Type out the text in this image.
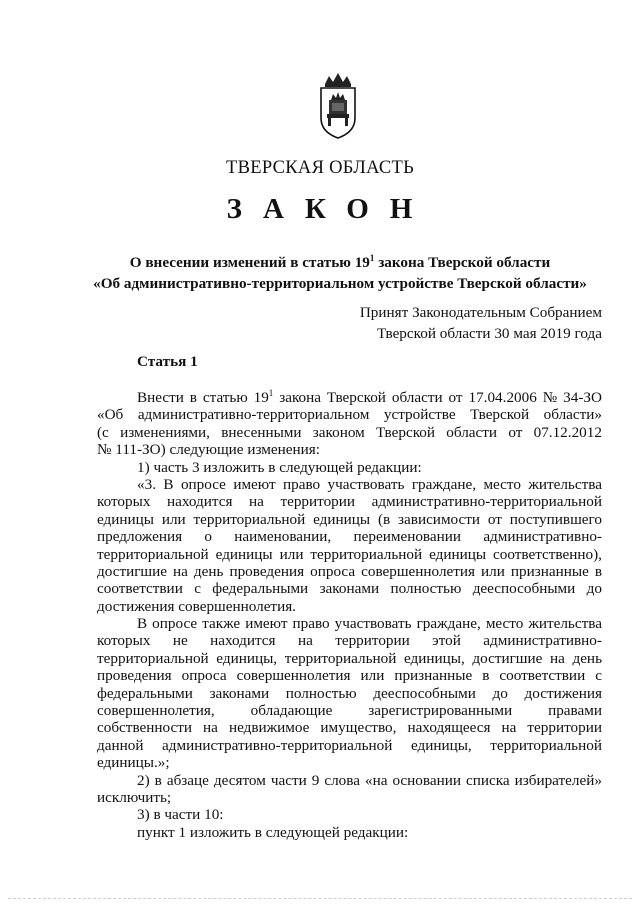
ТВЕРСКАЯ ОБЛАСТЬ
ЗАКОН
О внесении изменений в статью $19^1$ закона Тверской области
«Об административно-территориальном устройстве Тверской области»
Принят Законодательным Собранием
Тверской области 30 мая 2019 года
Статья 1
Внести в статью $19^1$ закона Тверской области от 17.04.2006 № 34-ЗО
«Об административно-территориальном устройстве Тверской области»
(с изменениями, внесенными законом Тверской области от 07.12.2012
№ 111-ЗО) следующие изменения:
1) часть 3 изложить в следующей редакции:
«3. В опросе имеют право участвовать граждане, место жительства
которых находится на территории административно-территориальной
единицы или территориальной единицы (в зависимости от поступившего
предложения о наименовании, переименовании административно-
территориальной единицы или территориальной единицы соответственно),
достигшие на день проведения опроса совершеннолетия или признанные в
соответствии с федеральными законами полностью дееспособными до
достижения совершеннолетия.
В опросе также имеют право участвовать граждане, место жительства
которых не находится на территории этой административно-
территориальной единицы, территориальной единицы, достигшие на день
проведения опроса совершеннолетия или признанные в соответствии с
федеральными законами полностью дееспособными до достижения
совершеннолетия, обладающие зарегистрированными правами
собственности на недвижимое имущество, находящееся на территории
данной административно-территориальной единицы, территориальной
единицы.»;
2) в абзаце десятом части 9 слова «на основании списка избирателей»
исключить;
3) в части 10:
пункт 1 изложить в следующей редакции:
